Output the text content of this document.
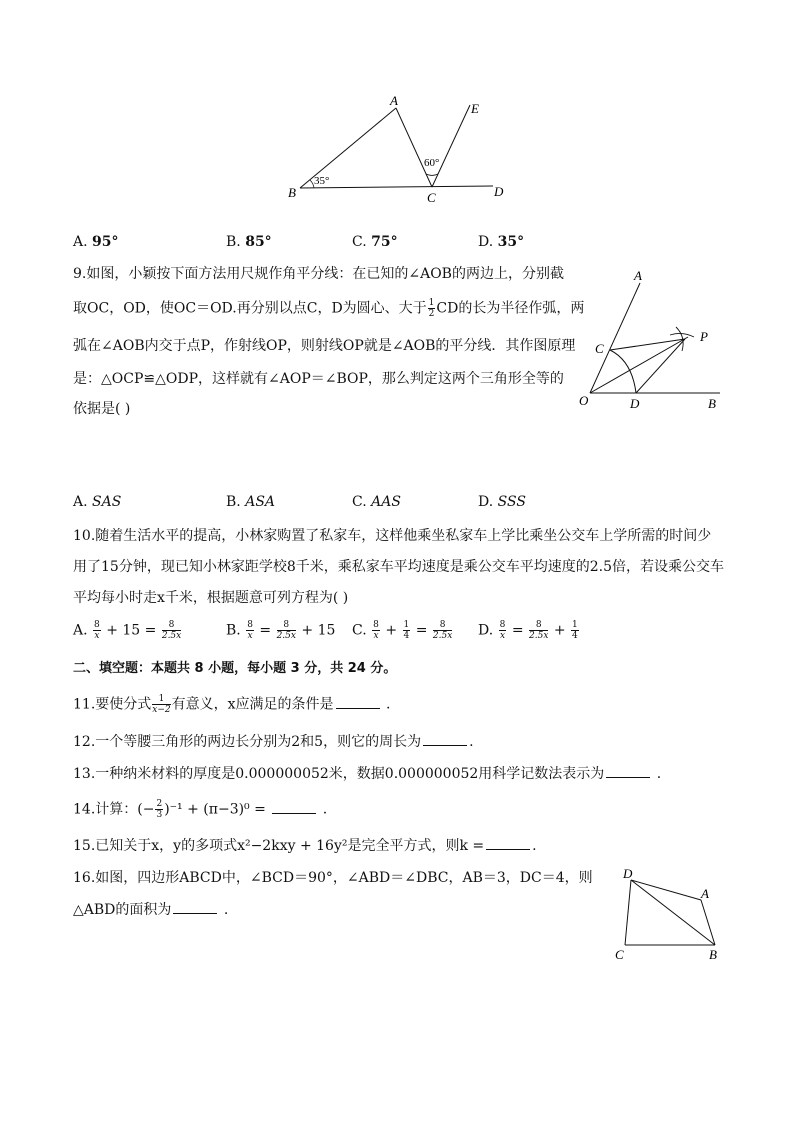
A
E
B	C	D
35°
60°
A. 95°	B. 85°	C. 75°	D. 35°
9.如图，小颖按下面方法用尺规作角平分线：在已知的∠AOB的两边上，分别截
取OC，OD，使OC＝OD.再分别以点C，D为圆心、大于 $\frac{1}{2}$ CD的长为半径作弧，两
弧在∠AOB内交于点P，作射线OP，则射线OP就是∠AOB的平分线．其作图原理
是：△OCP≌△ODP，这样就有∠AOP＝∠BOP，那么判定这两个三角形全等的
依据是( )
A
P
C
O	D	B
A. SAS	B. ASA	C. AAS	D. SSS
10.随着生活水平的提高，小林家购置了私家车，这样他乘坐私家车上学比乘坐公交车上学所需的时间少
用了15分钟，现已知小林家距学校8千米，乘私家车平均速度是乘公交车平均速度的2.5倍，若设乘公交车
平均每小时走x千米，根据题意可列方程为( )
A. $\frac{8}{x} + 15 = \frac{8}{2.5x}$	B. $\frac{8}{x} = \frac{8}{2.5x} + 15$ C. $\frac{8}{x} + \frac{1}{4} = \frac{8}{2.5x} D$. $\frac{8}{x} = \frac{8}{2.5x} + \frac{1}{4}$
二、填空题：本题共 8 小题，每小题 3 分，共 24 分。
11.要使分式 $\frac{1}{x-2}$ 有意义，x应满足的条件是	.
12.一个等腰三角形的两边长分别为2和5，则它的周长为	.
13.一种纳米材料的厚度是0.000000052米，数据0.000000052用科学记数法表示为	.
14.计算：(− $\frac{2}{3} )^{-1} + (\pi-3)^0$ =	.
15.已知关于x，y的多项式x²−2kxy + 16y²是完全平方式，则k =	.
16.如图，四边形ABCD中，∠BCD＝90°，∠ABD＝∠DBC，AB＝3，DC＝4，则
△ABD的面积为	.
D
A
C	B
